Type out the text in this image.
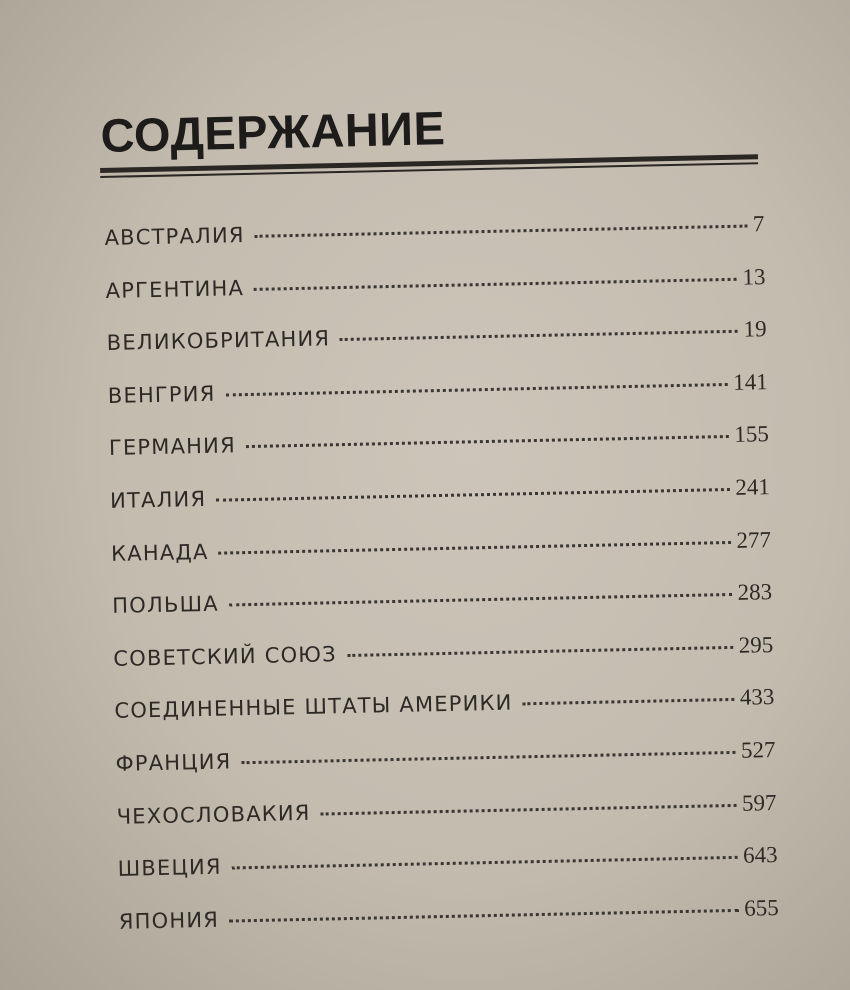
СОДЕРЖАНИЕ
АВСТРАЛИЯ	7
АРГЕНТИНА	13
ВЕЛИКОБРИТАНИЯ	19
ВЕНГРИЯ	141
ГЕРМАНИЯ	155
ИТАЛИЯ	241
КАНАДА	277
ПОЛЬША	283
СОВЕТСКИЙ СОЮЗ	295
СОЕДИНЕННЫЕ ШТАТЫ АМЕРИКИ	433
ФРАНЦИЯ	527
ЧЕХОСЛОВАКИЯ	597
ШВЕЦИЯ	643
ЯПОНИЯ	655
